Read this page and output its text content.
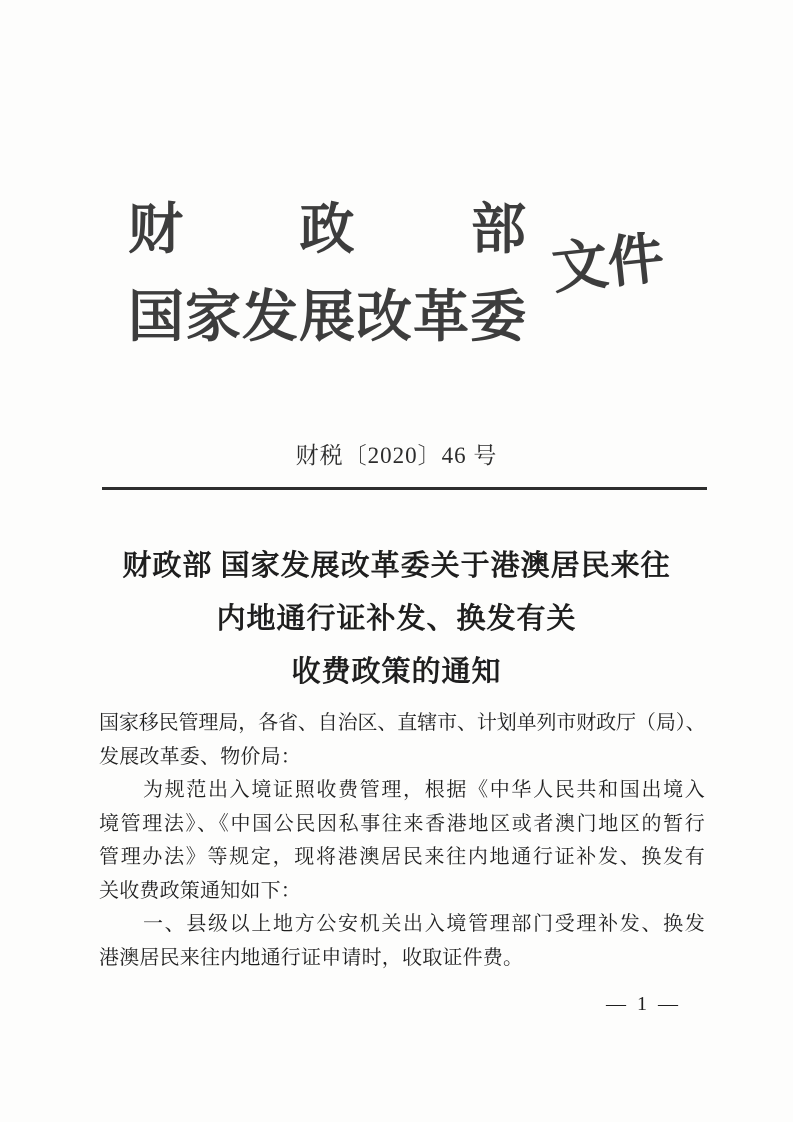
财政部
国家发展改革委
文件
财税〔2020〕46 号
财政部 国家发展改革委关于港澳居民来往
内地通行证补发、换发有关
收费政策的通知
国家移民管理局，各省、自治区、直辖市、计划单列市财政厅（局）、
发展改革委、物价局：
为规范出入境证照收费管理，根据《中华人民共和国出境入
境管理法》、《中国公民因私事往来香港地区或者澳门地区的暂行
管理办法》等规定，现将港澳居民来往内地通行证补发、换发有
关收费政策通知如下：
一、县级以上地方公安机关出入境管理部门受理补发、换发
港澳居民来往内地通行证申请时，收取证件费。
— 1 —
